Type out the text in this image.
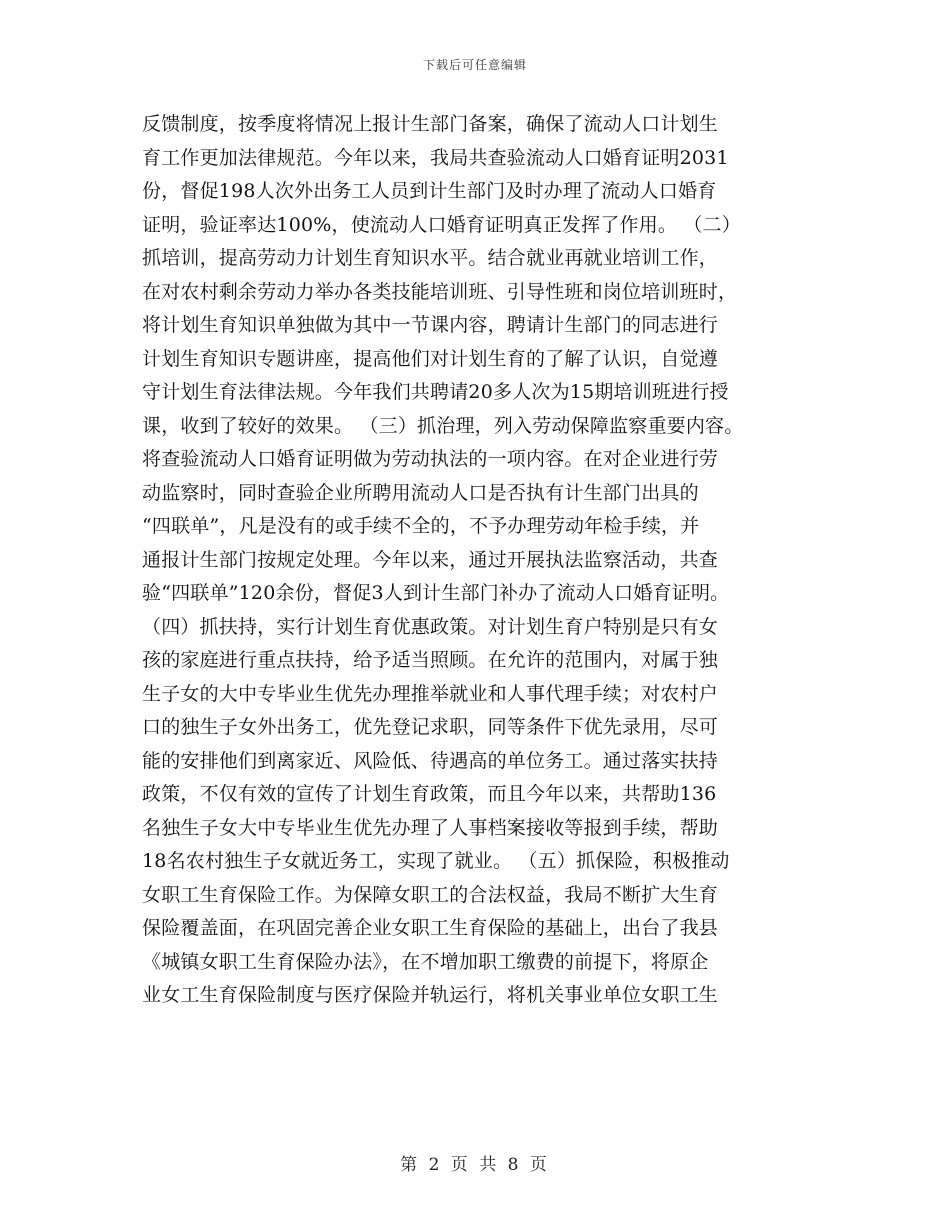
下载后可任意编辑
反馈制度，按季度将情况上报计生部门备案，确保了流动人口计划生
育工作更加法律规范。今年以来，我局共查验流动人口婚育证明2031
份，督促198人次外出务工人员到计生部门及时办理了流动人口婚育
证明，验证率达100%，使流动人口婚育证明真正发挥了作用。 （二）
抓培训，提高劳动力计划生育知识水平。结合就业再就业培训工作，
在对农村剩余劳动力举办各类技能培训班、引导性班和岗位培训班时，
将计划生育知识单独做为其中一节课内容，聘请计生部门的同志进行
计划生育知识专题讲座，提高他们对计划生育的了解了认识，自觉遵
守计划生育法律法规。今年我们共聘请20多人次为15期培训班进行授
课，收到了较好的效果。 （三）抓治理，列入劳动保障监察重要内容。
将查验流动人口婚育证明做为劳动执法的一项内容。在对企业进行劳
动监察时，同时查验企业所聘用流动人口是否执有计生部门出具的
“四联单”，凡是没有的或手续不全的，不予办理劳动年检手续，并
通报计生部门按规定处理。今年以来，通过开展执法监察活动，共查
验“四联单”120余份，督促3人到计生部门补办了流动人口婚育证明。
（四）抓扶持，实行计划生育优惠政策。对计划生育户特别是只有女
孩的家庭进行重点扶持，给予适当照顾。在允许的范围内，对属于独
生子女的大中专毕业生优先办理推举就业和人事代理手续；对农村户
口的独生子女外出务工，优先登记求职，同等条件下优先录用，尽可
能的安排他们到离家近、风险低、待遇高的单位务工。通过落实扶持
政策，不仅有效的宣传了计划生育政策，而且今年以来，共帮助136
名独生子女大中专毕业生优先办理了人事档案接收等报到手续，帮助
18名农村独生子女就近务工，实现了就业。 （五）抓保险，积极推动
女职工生育保险工作。为保障女职工的合法权益，我局不断扩大生育
保险覆盖面，在巩固完善企业女职工生育保险的基础上，出台了我县
《城镇女职工生育保险办法》，在不增加职工缴费的前提下，将原企
业女工生育保险制度与医疗保险并轨运行，将机关事业单位女职工生
第 2 页 共 8 页
